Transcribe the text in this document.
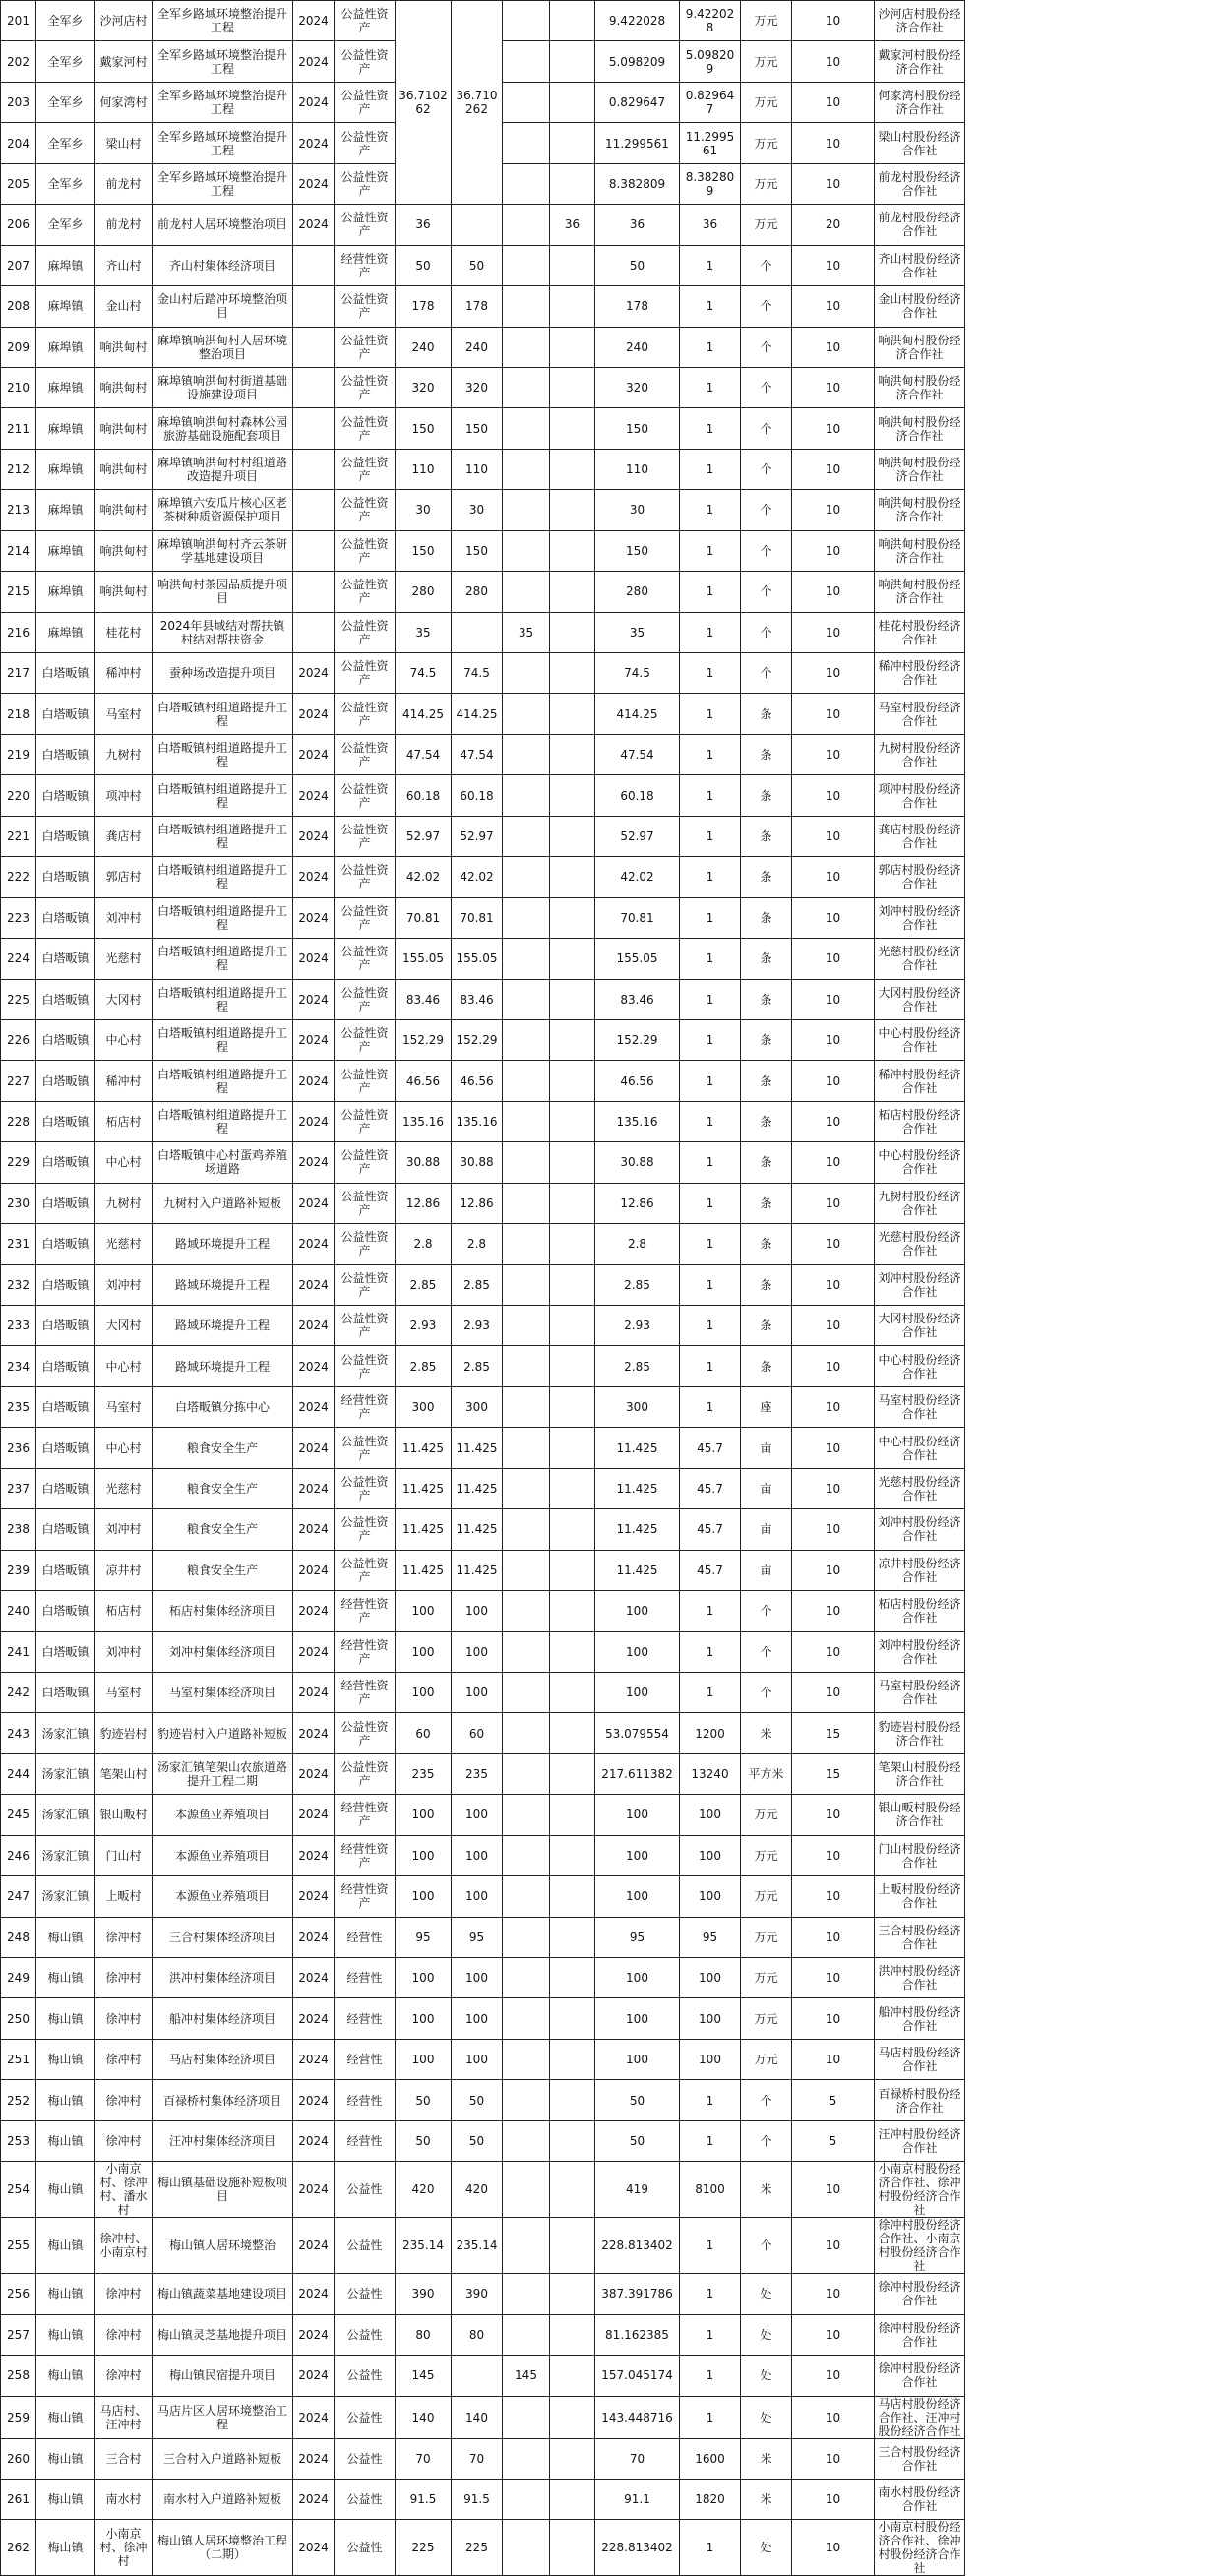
201	全军乡	沙河店村	全军乡路域环境整治提升工程	2024	公益性资产	36.710262	36.710262			9.422028	9.422028	万元	10	沙河店村股份经济合作社	
202	全军乡	戴家河村	全军乡路域环境整治提升工程	2024	公益性资产					5.098209	5.098209	万元	10	戴家河村股份经济合作社	
203	全军乡	何家湾村	全军乡路域环境整治提升工程	2024	公益性资产					0.829647	0.829647	万元	10	何家湾村股份经济合作社	
204	全军乡	梁山村	全军乡路域环境整治提升工程	2024	公益性资产					11.299561	11.299561	万元	10	梁山村股份经济合作社	
205	全军乡	前龙村	全军乡路域环境整治提升工程	2024	公益性资产					8.382809	8.382809	万元	10	前龙村股份经济合作社	
206	全军乡	前龙村	前龙村人居环境整治项目	2024	公益性资产	36			36	36	36	万元	20	前龙村股份经济合作社	
207	麻埠镇	齐山村	齐山村集体经济项目		经营性资产	50	50			50	1	个	10	齐山村股份经济合作社	
208	麻埠镇	金山村	金山村后踏冲环境整治项目		公益性资产	178	178			178	1	个	10	金山村股份经济合作社	
209	麻埠镇	响洪甸村	麻埠镇响洪甸村人居环境整治项目		公益性资产	240	240			240	1	个	10	响洪甸村股份经济合作社	
210	麻埠镇	响洪甸村	麻埠镇响洪甸村街道基础设施建设项目		公益性资产	320	320			320	1	个	10	响洪甸村股份经济合作社	
211	麻埠镇	响洪甸村	麻埠镇响洪甸村森林公园旅游基础设施配套项目		公益性资产	150	150			150	1	个	10	响洪甸村股份经济合作社	
212	麻埠镇	响洪甸村	麻埠镇响洪甸村村组道路改造提升项目		公益性资产	110	110			110	1	个	10	响洪甸村股份经济合作社	
213	麻埠镇	响洪甸村	麻埠镇六安瓜片核心区老茶树种质资源保护项目		公益性资产	30	30			30	1	个	10	响洪甸村股份经济合作社	
214	麻埠镇	响洪甸村	麻埠镇响洪甸村齐云茶研学基地建设项目		公益性资产	150	150			150	1	个	10	响洪甸村股份经济合作社	
215	麻埠镇	响洪甸村	响洪甸村茶园品质提升项目		公益性资产	280	280			280	1	个	10	响洪甸村股份经济合作社	
216	麻埠镇	桂花村	2024年县域结对帮扶镇村结对帮扶资金		公益性资产	35		35		35	1	个	10	桂花村股份经济合作社	
217	白塔畈镇	稀冲村	蚕种场改造提升项目	2024	公益性资产	74.5	74.5			74.5	1	个	10	稀冲村股份经济合作社	
218	白塔畈镇	马室村	白塔畈镇村组道路提升工程	2024	公益性资产	414.25	414.25			414.25	1	条	10	马室村股份经济合作社	
219	白塔畈镇	九树村	白塔畈镇村组道路提升工程	2024	公益性资产	47.54	47.54			47.54	1	条	10	九树村股份经济合作社	
220	白塔畈镇	项冲村	白塔畈镇村组道路提升工程	2024	公益性资产	60.18	60.18			60.18	1	条	10	项冲村股份经济合作社	
221	白塔畈镇	龚店村	白塔畈镇村组道路提升工程	2024	公益性资产	52.97	52.97			52.97	1	条	10	龚店村股份经济合作社	
222	白塔畈镇	郭店村	白塔畈镇村组道路提升工程	2024	公益性资产	42.02	42.02			42.02	1	条	10	郭店村股份经济合作社	
223	白塔畈镇	刘冲村	白塔畈镇村组道路提升工程	2024	公益性资产	70.81	70.81			70.81	1	条	10	刘冲村股份经济合作社	
224	白塔畈镇	光慈村	白塔畈镇村组道路提升工程	2024	公益性资产	155.05	155.05			155.05	1	条	10	光慈村股份经济合作社	
225	白塔畈镇	大冈村	白塔畈镇村组道路提升工程	2024	公益性资产	83.46	83.46			83.46	1	条	10	大冈村股份经济合作社	
226	白塔畈镇	中心村	白塔畈镇村组道路提升工程	2024	公益性资产	152.29	152.29			152.29	1	条	10	中心村股份经济合作社	
227	白塔畈镇	稀冲村	白塔畈镇村组道路提升工程	2024	公益性资产	46.56	46.56			46.56	1	条	10	稀冲村股份经济合作社	
228	白塔畈镇	柘店村	白塔畈镇村组道路提升工程	2024	公益性资产	135.16	135.16			135.16	1	条	10	柘店村股份经济合作社	
229	白塔畈镇	中心村	白塔畈镇中心村蛋鸡养殖场道路	2024	公益性资产	30.88	30.88			30.88	1	条	10	中心村股份经济合作社	
230	白塔畈镇	九树村	九树村入户道路补短板	2024	公益性资产	12.86	12.86			12.86	1	条	10	九树村股份经济合作社	
231	白塔畈镇	光慈村	路域环境提升工程	2024	公益性资产	2.8	2.8			2.8	1	条	10	光慈村股份经济合作社	
232	白塔畈镇	刘冲村	路域环境提升工程	2024	公益性资产	2.85	2.85			2.85	1	条	10	刘冲村股份经济合作社	
233	白塔畈镇	大冈村	路域环境提升工程	2024	公益性资产	2.93	2.93			2.93	1	条	10	大冈村股份经济合作社	
234	白塔畈镇	中心村	路域环境提升工程	2024	公益性资产	2.85	2.85			2.85	1	条	10	中心村股份经济合作社	
235	白塔畈镇	马室村	白塔畈镇分拣中心	2024	经营性资产	300	300			300	1	座	10	马室村股份经济合作社	
236	白塔畈镇	中心村	粮食安全生产	2024	公益性资产	11.425	11.425			11.425	45.7	亩	10	中心村股份经济合作社	
237	白塔畈镇	光慈村	粮食安全生产	2024	公益性资产	11.425	11.425			11.425	45.7	亩	10	光慈村股份经济合作社	
238	白塔畈镇	刘冲村	粮食安全生产	2024	公益性资产	11.425	11.425			11.425	45.7	亩	10	刘冲村股份经济合作社	
239	白塔畈镇	凉井村	粮食安全生产	2024	公益性资产	11.425	11.425			11.425	45.7	亩	10	凉井村股份经济合作社	
240	白塔畈镇	柘店村	柘店村集体经济项目	2024	经营性资产	100	100			100	1	个	10	柘店村股份经济合作社	
241	白塔畈镇	刘冲村	刘冲村集体经济项目	2024	经营性资产	100	100			100	1	个	10	刘冲村股份经济合作社	
242	白塔畈镇	马室村	马室村集体经济项目	2024	经营性资产	100	100			100	1	个	10	马室村股份经济合作社	
243	汤家汇镇	豹迹岩村	豹迹岩村入户道路补短板	2024	公益性资产	60	60			53.079554	1200	米	15	豹迹岩村股份经济合作社	
244	汤家汇镇	笔架山村	汤家汇镇笔架山农旅道路提升工程二期	2024	公益性资产	235	235			217.611382	13240	平方米	15	笔架山村股份经济合作社	
245	汤家汇镇	银山畈村	本源鱼业养殖项目	2024	经营性资产	100	100			100	100	万元	10	银山畈村股份经济合作社	
246	汤家汇镇	门山村	本源鱼业养殖项目	2024	经营性资产	100	100			100	100	万元	10	门山村股份经济合作社	
247	汤家汇镇	上畈村	本源鱼业养殖项目	2024	经营性资产	100	100			100	100	万元	10	上畈村股份经济合作社	
248	梅山镇	徐冲村	三合村集体经济项目	2024	经营性	95	95			95	95	万元	10	三合村股份经济合作社	
249	梅山镇	徐冲村	洪冲村集体经济项目	2024	经营性	100	100			100	100	万元	10	洪冲村股份经济合作社	
250	梅山镇	徐冲村	船冲村集体经济项目	2024	经营性	100	100			100	100	万元	10	船冲村股份经济合作社	
251	梅山镇	徐冲村	马店村集体经济项目	2024	经营性	100	100			100	100	万元	10	马店村股份经济合作社	
252	梅山镇	徐冲村	百禄桥村集体经济项目	2024	经营性	50	50			50	1	个	5	百禄桥村股份经济合作社	
253	梅山镇	徐冲村	汪冲村集体经济项目	2024	经营性	50	50			50	1	个	5	汪冲村股份经济合作社	
254	梅山镇	小南京村、徐冲村、潘水村	梅山镇基础设施补短板项目	2024	公益性	420	420			419	8100	米	10	小南京村股份经济合作社、徐冲村股份经济合作社	
255	梅山镇	徐冲村、小南京村	梅山镇人居环境整治	2024	公益性	235.14	235.14			228.813402	1	个	10	徐冲村股份经济合作社、小南京村股份经济合作社	
256	梅山镇	徐冲村	梅山镇蔬菜基地建设项目	2024	公益性	390	390			387.391786	1	处	10	徐冲村股份经济合作社	
257	梅山镇	徐冲村	梅山镇灵芝基地提升项目	2024	公益性	80	80			81.162385	1	处	10	徐冲村股份经济合作社	
258	梅山镇	徐冲村	梅山镇民宿提升项目	2024	公益性	145		145		157.045174	1	处	10	徐冲村股份经济合作社	
259	梅山镇	马店村、汪冲村	马店片区人居环境整治工程	2024	公益性	140	140			143.448716	1	处	10	马店村股份经济合作社、汪冲村股份经济合作社	
260	梅山镇	三合村	三合村入户道路补短板	2024	公益性	70	70			70	1600	米	10	三合村股份经济合作社	
261	梅山镇	南水村	南水村入户道路补短板	2024	公益性	91.5	91.5			91.1	1820	米	10	南水村股份经济合作社	
262	梅山镇	小南京村、徐冲村	梅山镇人居环境整治工程（二期）	2024	公益性	225	225			228.813402	1	处	10	小南京村股份经济合作社、徐冲村股份经济合作社	
